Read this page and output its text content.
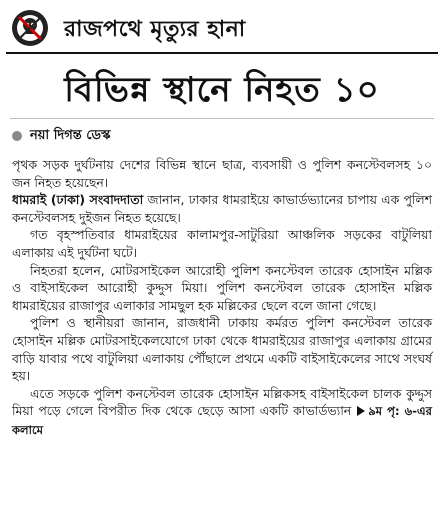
রাজপথে মৃত্যুর হানা
বিভিন্ন স্থানে নিহত ১০
নয়া দিগন্ত ডেস্ক

পৃথক সড়ক দুর্ঘটনায় দেশের বিভিন্ন স্থানে ছাত্র, ব্যবসায়ী ও পুলিশ কনস্টেবলসহ ১০ জন নিহত হয়েছেন।

ধামরাই (ঢাকা) সংবাদদাতা জানান, ঢাকার ধামরাইয়ে কাভার্ডভ্যানের চাপায় এক পুলিশ কনস্টেবলসহ দুইজন নিহত হয়েছে।

গত বৃহস্পতিবার ধামরাইয়ের কালামপুর-সাটুরিয়া আঞ্চলিক সড়কের বাটুলিয়া এলাকায় এই দুর্ঘটনা ঘটে।

নিহতরা হলেন, মোটরসাইকেল আরোহী পুলিশ কনস্টেবল তারেক হোসাইন মল্লিক ও বাইসাইকেল আরোহী কুদ্দুস মিয়া। পুলিশ কনস্টেবল তারেক হোসাইন মল্লিক ধামরাইয়ের রাজাপুর এলাকার সামছুল হক মল্লিকের ছেলে বলে জানা গেছে।

পুলিশ ও স্থানীয়রা জানান, রাজধানী ঢাকায় কর্মরত পুলিশ কনস্টেবল তারেক হোসাইন মল্লিক মোটরসাইকেলযোগে ঢাকা থেকে ধামরাইয়ের রাজাপুর এলাকায় গ্রামের বাড়ি যাবার পথে বাটুলিয়া এলাকায় পৌঁছালে প্রথমে একটি বাইসাইকেলের সাথে সংঘর্ষ হয়।

এতে সড়কে পুলিশ কনস্টেবল তারেক হোসাইন মল্লিকসহ বাইসাইকেল চালক কুদ্দুস মিয়া পড়ে গেলে বিপরীত দিক থেকে ছেড়ে আসা একটি কাভার্ডভ্যান ৯ম পৃ: ৬-এর কলামে
